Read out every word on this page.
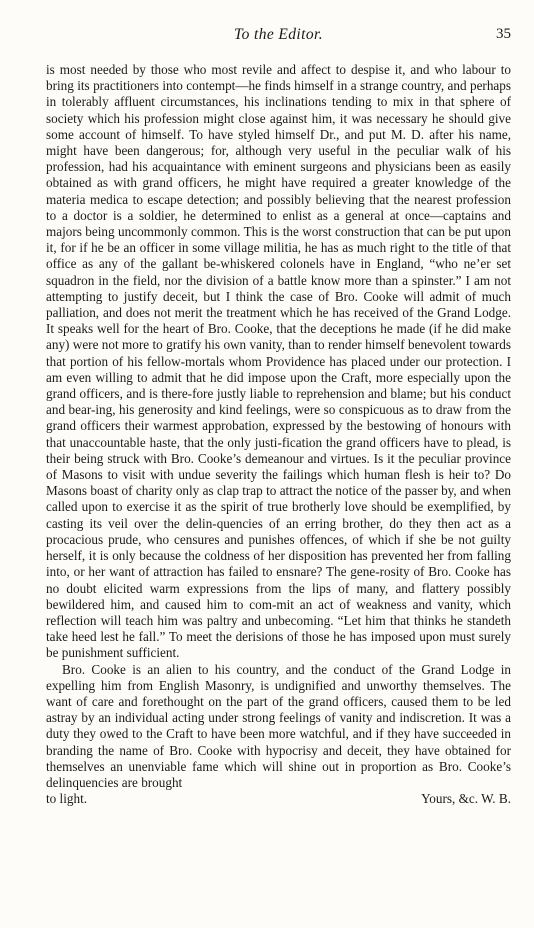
To the Editor.	35

is most needed by those who most revile and affect to despise it, and who labour to bring its practitioners into contempt—he finds himself in a strange country, and perhaps in tolerably affluent circumstances, his inclinations tending to mix in that sphere of society which his profession might close against him, it was necessary he should give some account of himself. To have styled himself Dr., and put M. D. after his name, might have been dangerous; for, although very useful in the peculiar walk of his profession, had his acquaintance with eminent surgeons and physicians been as easily obtained as with grand officers, he might have required a greater knowledge of the materia medica to escape detection; and possibly believing that the nearest profession to a doctor is a soldier, he determined to enlist as a general at once—captains and majors being uncommonly common. This is the worst construction that can be put upon it, for if he be an officer in some village militia, he has as much right to the title of that office as any of the gallant be-whiskered colonels have in England, “who ne’er set squadron in the field, nor the division of a battle know more than a spinster.” I am not attempting to justify deceit, but I think the case of Bro. Cooke will admit of much palliation, and does not merit the treatment which he has received of the Grand Lodge. It speaks well for the heart of Bro. Cooke, that the deceptions he made (if he did make any) were not more to gratify his own vanity, than to render himself benevolent towards that portion of his fellow-mortals whom Providence has placed under our protection. I am even willing to admit that he did impose upon the Craft, more especially upon the grand officers, and is there-fore justly liable to reprehension and blame; but his conduct and bear-ing, his generosity and kind feelings, were so conspicuous as to draw from the grand officers their warmest approbation, expressed by the bestowing of honours with that unaccountable haste, that the only justi-fication the grand officers have to plead, is their being struck with Bro. Cooke’s demeanour and virtues. Is it the peculiar province of Masons to visit with undue severity the failings which human flesh is heir to? Do Masons boast of charity only as clap trap to attract the notice of the passer by, and when called upon to exercise it as the spirit of true brotherly love should be exemplified, by casting its veil over the delin-quencies of an erring brother, do they then act as a procacious prude, who censures and punishes offences, of which if she be not guilty herself, it is only because the coldness of her disposition has prevented her from falling into, or her want of attraction has failed to ensnare? The gene-rosity of Bro. Cooke has no doubt elicited warm expressions from the lips of many, and flattery possibly bewildered him, and caused him to com-mit an act of weakness and vanity, which reflection will teach him was paltry and unbecoming. “Let him that thinks he standeth take heed lest he fall.” To meet the derisions of those he has imposed upon must surely be punishment sufficient.

Bro. Cooke is an alien to his country, and the conduct of the Grand Lodge in expelling him from English Masonry, is undignified and unworthy themselves. The want of care and forethought on the part of the grand officers, caused them to be led astray by an individual acting under strong feelings of vanity and indiscretion. It was a duty they owed to the Craft to have been more watchful, and if they have succeeded in branding the name of Bro. Cooke with hypocrisy and deceit, they have obtained for themselves an unenviable fame which will shine out in proportion as Bro. Cooke’s delinquencies are brought

to light.	Yours, &c. W. B.
